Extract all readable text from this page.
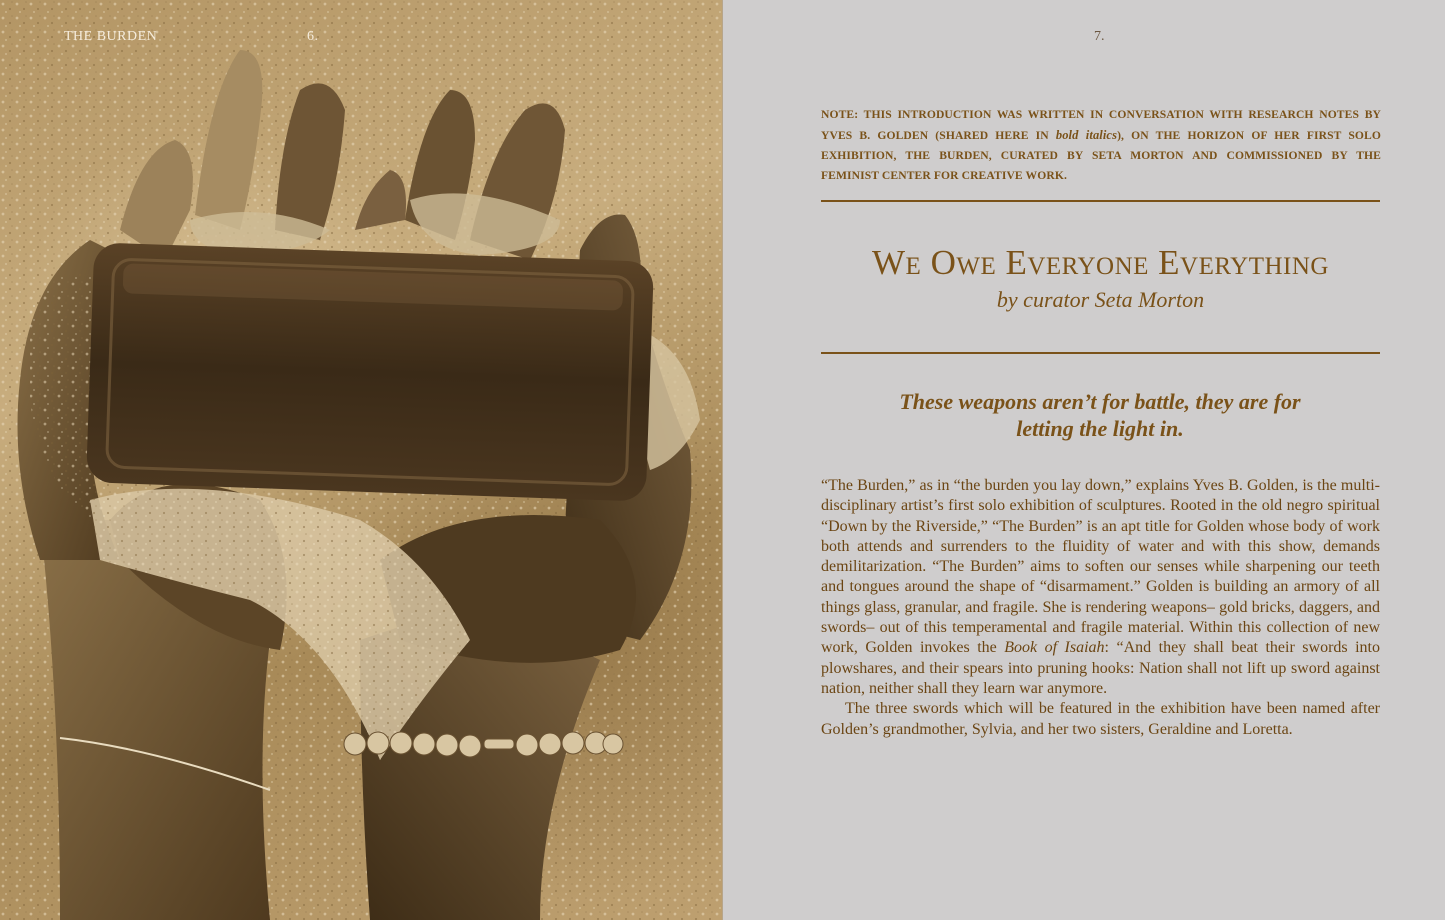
THE BURDEN	6.	7.
NOTE: THIS INTRODUCTION WAS WRITTEN IN CONVERSATION WITH RESEARCH NOTES BY YVES B. GOLDEN (SHARED HERE IN bold italics), ON THE HORIZON OF HER FIRST SOLO EXHIBITION, THE BURDEN, CURATED BY SETA MORTON AND COMMISSIONED BY THE FEMINIST CENTER FOR CREATIVE WORK.
We Owe Everyone Everything
by curator Seta Morton
These weapons aren’t for battle, they are for letting the light in.

“The Burden,” as in “the burden you lay down,” explains Yves B. Golden, is the multi-disciplinary artist’s first solo exhibition of sculptures. Rooted in the old negro spiritual “Down by the Riverside,” “The Burden” is an apt title for Golden whose body of work both attends and surrenders to the fluidity of water and with this show, demands demilitarization. “The Burden” aims to soften our senses while sharpening our teeth and tongues around the shape of “disarmament.” Golden is building an armory of all things glass, granular, and fragile. She is rendering weapons– gold bricks, daggers, and swords– out of this temperamental and fragile material. Within this collection of new work, Golden invokes the Book of Isaiah: “And they shall beat their swords into plowshares, and their spears into pruning hooks: Nation shall not lift up sword against nation, neither shall they learn war anymore.

The three swords which will be featured in the exhibition have been named after Golden’s grandmother, Sylvia, and her two sisters, Geraldine and Loretta.
